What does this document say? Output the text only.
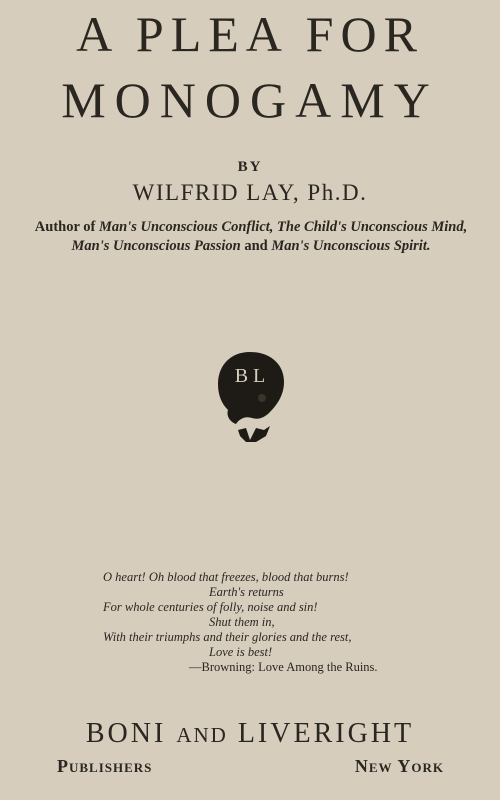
A PLEA FOR
MONOGAMY
BY
WILFRID LAY, Ph.D.
Author of Man's Unconscious Conflict, The Child's Unconscious Mind, Man's Unconscious Passion and Man's Unconscious Spirit.
B L
O heart! Oh blood that freezes, blood that burns!
Earth's returns
For whole centuries of folly, noise and sin!
Shut them in,
With their triumphs and their glories and the rest,
Love is best!
—Browning: Love Among the Ruins.
BONI AND LIVERIGHT
Publishers	New York
